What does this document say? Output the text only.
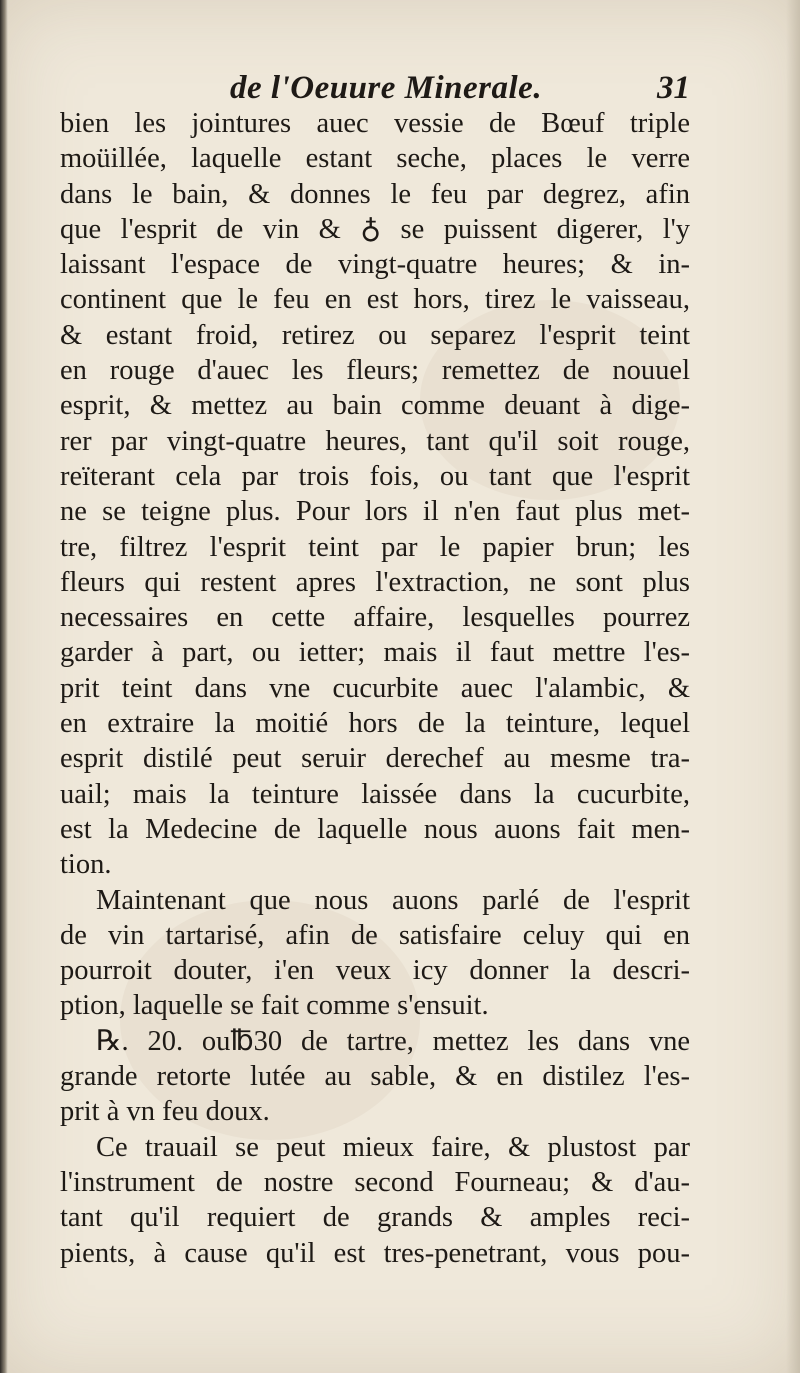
de l'Oeuure Minerale.	31
bien les jointures auec vessie de Bœuf triple
moüillée, laquelle estant seche, places le verre
dans le bain, & donnes le feu par degrez, afin
que l'esprit de vin & ♁ se puissent digerer, l'y
laissant l'espace de vingt-quatre heures; & in-
continent que le feu en est hors, tirez le vaisseau,
& estant froid, retirez ou separez l'esprit teint
en rouge d'auec les fleurs; remettez de nouuel
esprit, & mettez au bain comme deuant à dige-
rer par vingt-quatre heures, tant qu'il soit rouge,
reïterant cela par trois fois, ou tant que l'esprit
ne se teigne plus. Pour lors il n'en faut plus met-
tre, filtrez l'esprit teint par le papier brun; les
fleurs qui restent apres l'extraction, ne sont plus
necessaires en cette affaire, lesquelles pourrez
garder à part, ou ietter; mais il faut mettre l'es-
prit teint dans vne cucurbite auec l'alambic, &
en extraire la moitié hors de la teinture, lequel
esprit distilé peut seruir derechef au mesme tra-
uail; mais la teinture laissée dans la cucurbite,
est la Medecine de laquelle nous auons fait men-
tion.
Maintenant que nous auons parlé de l'esprit
de vin tartarisé, afin de satisfaire celuy qui en
pourroit douter, i'en veux icy donner la descri-
ption, laquelle se fait comme s'ensuit.
℞. 20. ou℔30 de tartre, mettez les dans vne
grande retorte lutée au sable, & en distilez l'es-
prit à vn feu doux.
Ce trauail se peut mieux faire, & plustost par
l'instrument de nostre second Fourneau; & d'au-
tant qu'il requiert de grands & amples reci-
pients, à cause qu'il est tres-penetrant, vous pou-
